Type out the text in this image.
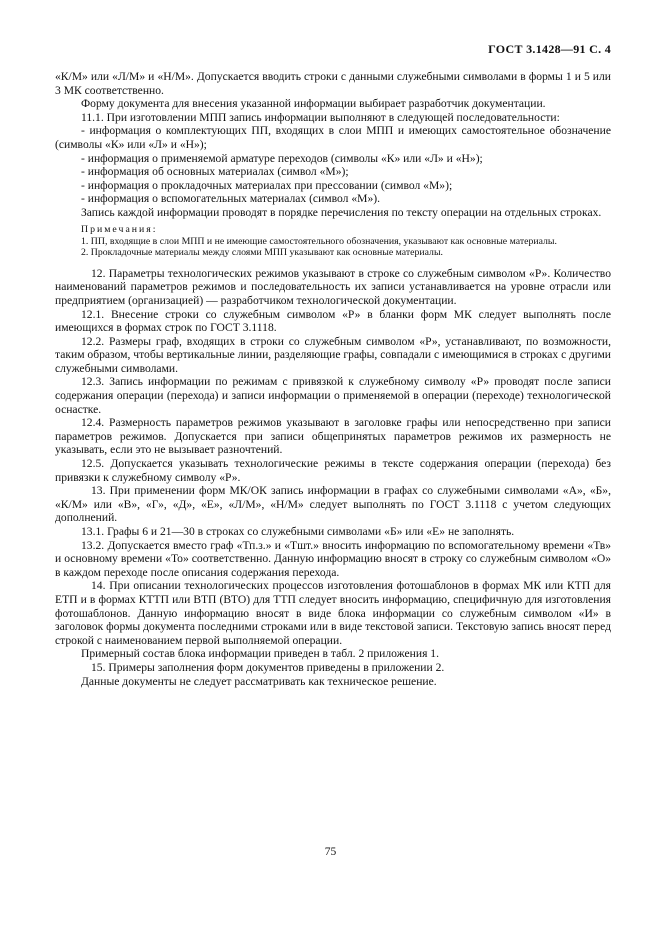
ГОСТ 3.1428—91 С. 4

«К/М» или «Л/М» и «Н/М». Допускается вводить строки с данными служебными символами в формы 1 и 5 или 3 МК соответственно.

Форму документа для внесения указанной информации выбирает разработчик документации.

11.1. При изготовлении МПП запись информации выполняют в следующей последовательности:

- информация о комплектующих ПП, входящих в слои МПП и имеющих самостоятельное обозначение (символы «К» или «Л» и «Н»);

- информация о применяемой арматуре переходов (символы «К» или «Л» и «Н»);

- информация об основных материалах (символ «М»);

- информация о прокладочных материалах при прессовании (символ «М»);

- информация о вспомогательных материалах (символ «М»).

Запись каждой информации проводят в порядке перечисления по тексту операции на отдельных строках.

Примечания:

1. ПП, входящие в слои МПП и не имеющие самостоятельного обозначения, указывают как основные материалы.

2. Прокладочные материалы между слоями МПП указывают как основные материалы.

12. Параметры технологических режимов указывают в строке со служебным символом «Р». Количество наименований параметров режимов и последовательность их записи устанавливается на уровне отрасли или предприятием (организацией) — разработчиком технологической документации.

12.1. Внесение строки со служебным символом «Р» в бланки форм МК следует выполнять после имеющихся в формах строк по ГОСТ 3.1118.

12.2. Размеры граф, входящих в строки со служебным символом «Р», устанавливают, по возможности, таким образом, чтобы вертикальные линии, разделяющие графы, совпадали с имеющимися в строках с другими служебными символами.

12.3. Запись информации по режимам с привязкой к служебному символу «Р» проводят после записи содержания операции (перехода) и записи информации о применяемой в операции (переходе) технологической оснастке.

12.4. Размерность параметров режимов указывают в заголовке графы или непосредственно при записи параметров режимов. Допускается при записи общепринятых параметров режимов их размерность не указывать, если это не вызывает разночтений.

12.5. Допускается указывать технологические режимы в тексте содержания операции (перехода) без привязки к служебному символу «Р».

13. При применении форм МК/ОК запись информации в графах со служебными символами «А», «Б», «К/М» или «В», «Г», «Д», «Е», «Л/М», «Н/М» следует выполнять по ГОСТ 3.1118 с учетом следующих дополнений.

13.1. Графы 6 и 21—30 в строках со служебными символами «Б» или «Е» не заполнять.

13.2. Допускается вместо граф «Тп.з.» и «Тшт.» вносить информацию по вспомогательному времени «Тв» и основному времени «То» соответственно. Данную информацию вносят в строку со служебным символом «О» в каждом переходе после описания содержания перехода.

14. При описании технологических процессов изготовления фотошаблонов в формах МК или КТП для ЕТП и в формах КТТП или ВТП (ВТО) для ТТП следует вносить информацию, специфичную для изготовления фотошаблонов. Данную информацию вносят в виде блока информации со служебным символом «И» в заголовок формы документа последними строками или в виде текстовой записи. Текстовую запись вносят перед строкой с наименованием первой выполняемой операции.

Примерный состав блока информации приведен в табл. 2 приложения 1.

15. Примеры заполнения форм документов приведены в приложении 2.

Данные документы не следует рассматривать как техническое решение.

75
